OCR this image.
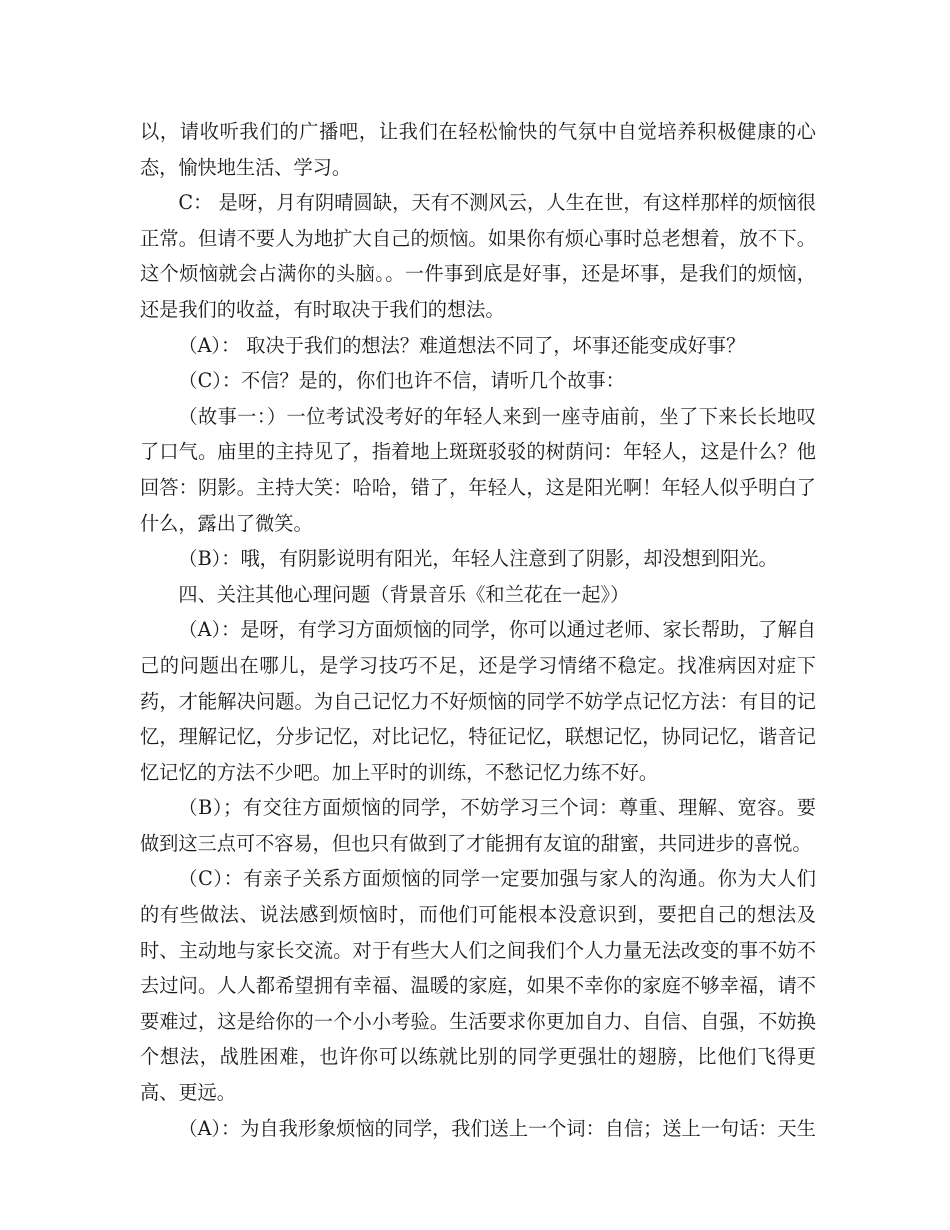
以，请收听我们的广播吧，让我们在轻松愉快的气氛中自觉培养积极健康的心态，愉快地生活、学习。

C： 是呀，月有阴晴圆缺，天有不测风云，人生在世，有这样那样的烦恼很正常。但请不要人为地扩大自己的烦恼。如果你有烦心事时总老想着，放不下。这个烦恼就会占满你的头脑。。一件事到底是好事，还是坏事，是我们的烦恼，还是我们的收益，有时取决于我们的想法。

（A）： 取决于我们的想法？难道想法不同了，坏事还能变成好事？

（C）：不信？是的，你们也许不信，请听几个故事：

（故事一：）一位考试没考好的年轻人来到一座寺庙前，坐了下来长长地叹了口气。庙里的主持见了，指着地上斑斑驳驳的树荫问：年轻人，这是什么？他回答：阴影。主持大笑：哈哈，错了，年轻人，这是阳光啊！年轻人似乎明白了什么，露出了微笑。

（B）：哦，有阴影说明有阳光，年轻人注意到了阴影，却没想到阳光。

四、关注其他心理问题（背景音乐《和兰花在一起》）

（A）：是呀，有学习方面烦恼的同学，你可以通过老师、家长帮助，了解自己的问题出在哪儿，是学习技巧不足，还是学习情绪不稳定。找准病因对症下药，才能解决问题。为自己记忆力不好烦恼的同学不妨学点记忆方法：有目的记忆，理解记忆，分步记忆，对比记忆，特征记忆，联想记忆，协同记忆，谐音记忆记忆的方法不少吧。加上平时的训练，不愁记忆力练不好。

（B）；有交往方面烦恼的同学，不妨学习三个词：尊重、理解、宽容。要做到这三点可不容易，但也只有做到了才能拥有友谊的甜蜜，共同进步的喜悦。

（C）：有亲子关系方面烦恼的同学一定要加强与家人的沟通。你为大人们的有些做法、说法感到烦恼时，而他们可能根本没意识到，要把自己的想法及时、主动地与家长交流。对于有些大人们之间我们个人力量无法改变的事不妨不去过问。人人都希望拥有幸福、温暖的家庭，如果不幸你的家庭不够幸福，请不要难过，这是给你的一个小小考验。生活要求你更加自力、自信、自强，不妨换个想法，战胜困难，也许你可以练就比别的同学更强壮的翅膀，比他们飞得更高、更远。

（A）：为自我形象烦恼的同学，我们送上一个词：自信；送上一句话：天生
